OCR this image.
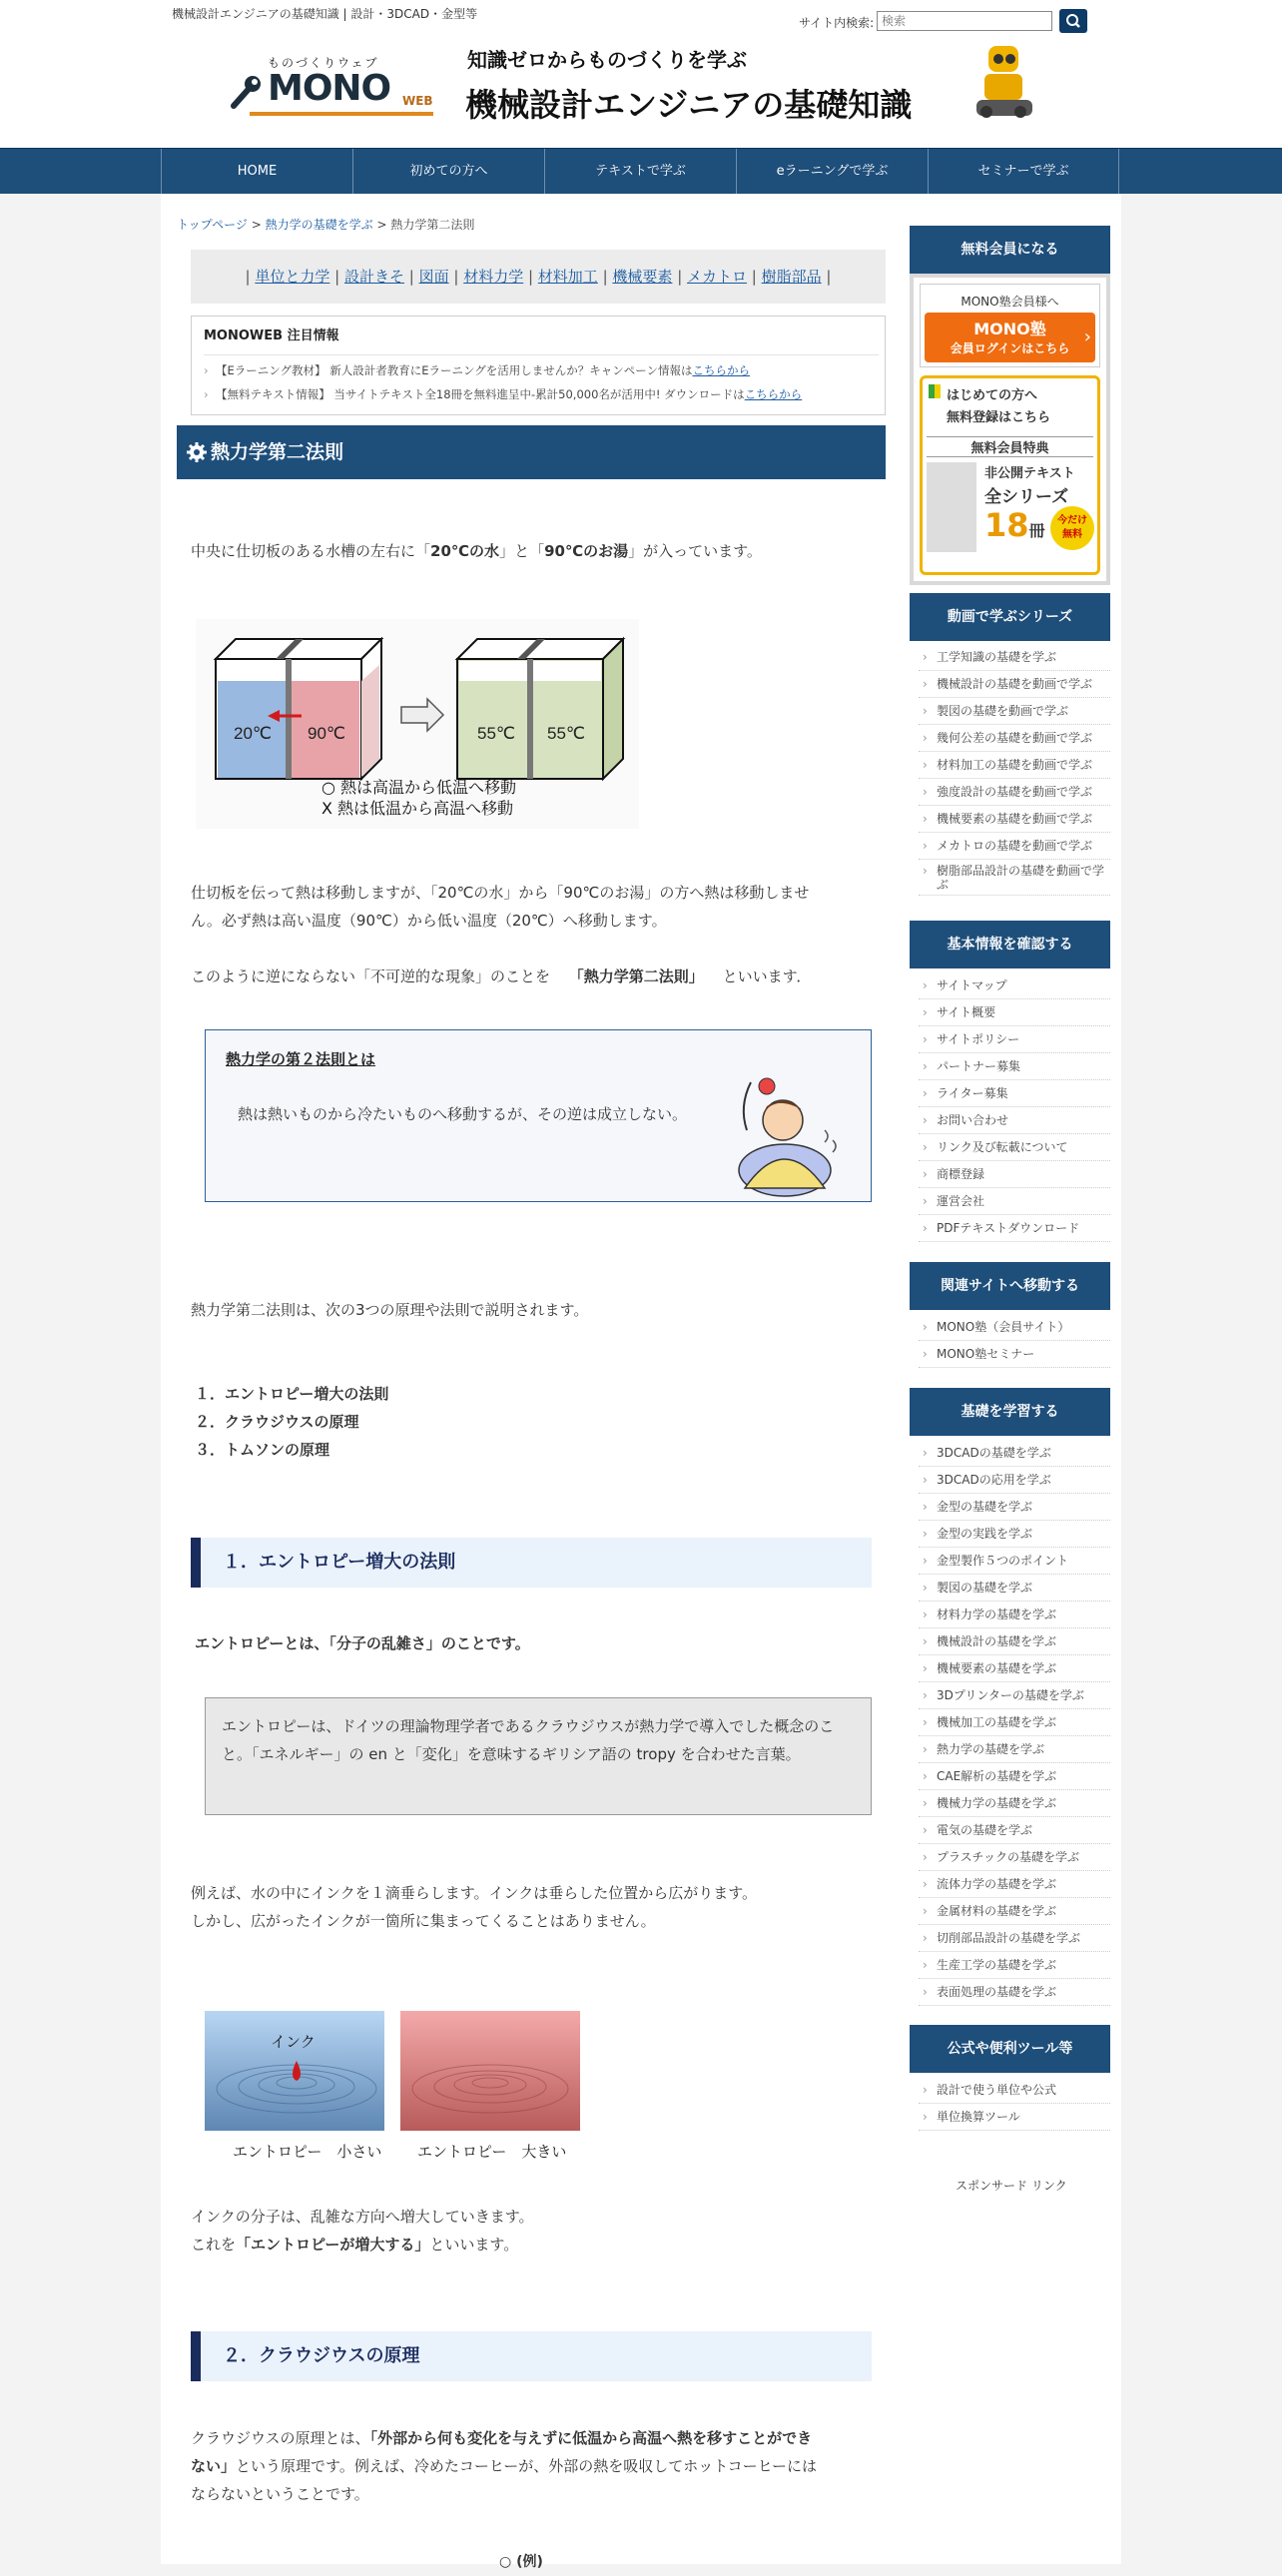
機械設計エンジニアの基礎知識 | 設計・3DCAD・金型等
サイト内検索:
検索
ものづくりウェブ
MONO WEB
知識ゼロからものづくりを学ぶ
機械設計エンジニアの基礎知識
HOME	初めての方へ	テキストで学ぶ	eラーニングで学ぶ	セミナーで学ぶ
トップページ > 熱力学の基礎を学ぶ > 熱力学第二法則
| 単位と力学 | 設計きそ | 図面 | 材料力学 | 材料加工 | 機械要素 | メカトロ | 樹脂部品 |
MONOWEB 注目情報
› 【Eラーニング教材】 新人設計者教育にEラーニングを活用しませんか？キャンペーン情報はこちらから
› 【無料テキスト情報】 当サイトテキスト全18冊を無料進呈中-累計50,000名が活用中! ダウンロードはこちらから
熱力学第二法則
中央に仕切板のある水槽の左右に「20℃の水」と「90℃のお湯」が入っています。
20℃ 90℃	55℃ 55℃
○ 熱は高温から低温へ移動
X 熱は低温から高温へ移動
仕切板を伝って熱は移動しますが、「20℃の水」から「90℃のお湯」の方へ熱は移動しませ
ん。必ず熱は高い温度（90℃）から低い温度（20℃）へ移動します。
このように逆にならない「不可逆的な現象」のことを 「熱力学第二法則」 といいます．
熱力学の第２法則とは
熱は熱いものから冷たいものへ移動するが、その逆は成立しない。
熱力学第二法則は、次の3つの原理や法則で説明されます。
１．エントロピー増大の法則
２．クラウジウスの原理
３．トムソンの原理
１．エントロピー増大の法則
エントロピーとは、「分子の乱雑さ」のことです。
エントロピーは、ドイツの理論物理学者であるクラウジウスが熱力学で導入でした概念のこと。「エネルギー」の en と「変化」を意味するギリシア語の tropy を合わせた言葉。
例えば、水の中にインクを１滴垂らします。インクは垂らした位置から広がります。
しかし、広がったインクが一箇所に集まってくることはありません。
インク
エントロピー　小さい エントロピー　大きい
インクの分子は、乱雑な方向へ増大していきます。
これを「エントロピーが増大する」といいます。
２．クラウジウスの原理
クラウジウスの原理とは、「外部から何も変化を与えずに低温から高温へ熱を移すことができ
ない」という原理です。例えば、冷めたコーヒーが、外部の熱を吸収してホットコーヒーには
ならないということです。
○ (例)
無料会員になる
MONO塾会員様へ
MONO塾
会員ログインはこちら
›
はじめての方へ
無料登録はこちら
無料会員特典
非公開テキスト
全シリーズ
18冊
今だけ
無料
動画で学ぶシリーズ
› 工学知識の基礎を学ぶ
› 機械設計の基礎を動画で学ぶ
› 製図の基礎を動画で学ぶ
› 幾何公差の基礎を動画で学ぶ
› 材料加工の基礎を動画で学ぶ
› 強度設計の基礎を動画で学ぶ
› 機械要素の基礎を動画で学ぶ
› メカトロの基礎を動画で学ぶ
› 樹脂部品設計の基礎を動画で学ぶ
基本情報を確認する
› サイトマップ
› サイト概要
› サイトポリシー
› パートナー募集
› ライター募集
› お問い合わせ
› リンク及び転載について
› 商標登録
› 運営会社
› PDFテキストダウンロード
関連サイトへ移動する
› MONO塾（会員サイト）
› MONO塾セミナー
基礎を学習する
› 3DCADの基礎を学ぶ
› 3DCADの応用を学ぶ
› 金型の基礎を学ぶ
› 金型の実践を学ぶ
› 金型製作５つのポイント
› 製図の基礎を学ぶ
› 材料力学の基礎を学ぶ
› 機械設計の基礎を学ぶ
› 機械要素の基礎を学ぶ
› 3Dプリンターの基礎を学ぶ
› 機械加工の基礎を学ぶ
› 熱力学の基礎を学ぶ
› CAE解析の基礎を学ぶ
› 機械力学の基礎を学ぶ
› 電気の基礎を学ぶ
› プラスチックの基礎を学ぶ
› 流体力学の基礎を学ぶ
› 金属材料の基礎を学ぶ
› 切削部品設計の基礎を学ぶ
› 生産工学の基礎を学ぶ
› 表面処理の基礎を学ぶ
公式や便利ツール等
› 設計で使う単位や公式
› 単位換算ツール
スポンサード リンク
